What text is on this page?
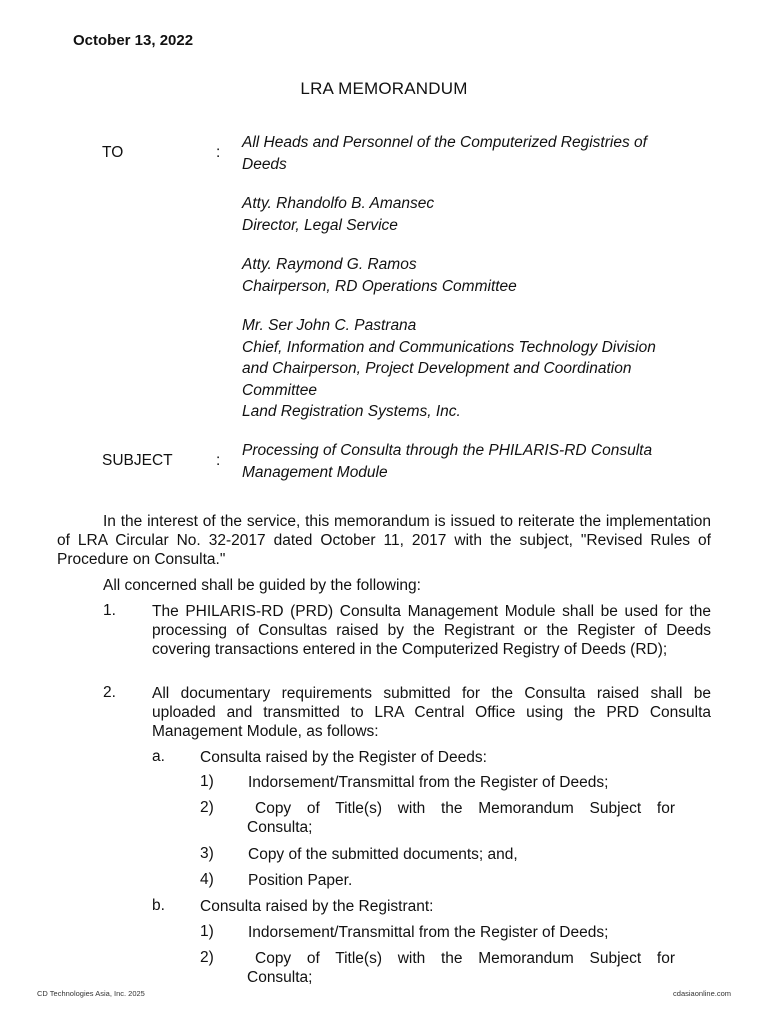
October 13, 2022
LRA MEMORANDUM
TO	:
All Heads and Personnel of the Computerized Registries of
Deeds
Atty. Rhandolfo B. Amansec
Director, Legal Service
Atty. Raymond G. Ramos
Chairperson, RD Operations Committee
Mr. Ser John C. Pastrana
Chief, Information and Communications Technology Division
and Chairperson, Project Development and Coordination
Committee
Land Registration Systems, Inc.
SUBJECT	:
Processing of Consulta through the PHILARIS-RD Consulta
Management Module
In the interest of the service, this memorandum is issued to reiterate the implementation of LRA Circular No. 32-2017 dated October 11, 2017 with the subject, "Revised Rules of Procedure on Consulta."
All concerned shall be guided by the following:
1. The PHILARIS-RD (PRD) Consulta Management Module shall be used for the processing of Consultas raised by the Registrant or the Register of Deeds covering transactions entered in the Computerized Registry of Deeds (RD);
2. All documentary requirements submitted for the Consulta raised shall be uploaded and transmitted to LRA Central Office using the PRD Consulta Management Module, as follows:
a. Consulta raised by the Register of Deeds:
1) Indorsement/Transmittal from the Register of Deeds;
2)	Copy of Title(s) with the Memorandum Subject for
Consulta;
3) Copy of the submitted documents; and,
4) Position Paper.
b. Consulta raised by the Registrant:
1) Indorsement/Transmittal from the Register of Deeds;
2)	Copy of Title(s) with the Memorandum Subject for
Consulta;
CD Technologies Asia, Inc. 2025	cdasiaonline.com
